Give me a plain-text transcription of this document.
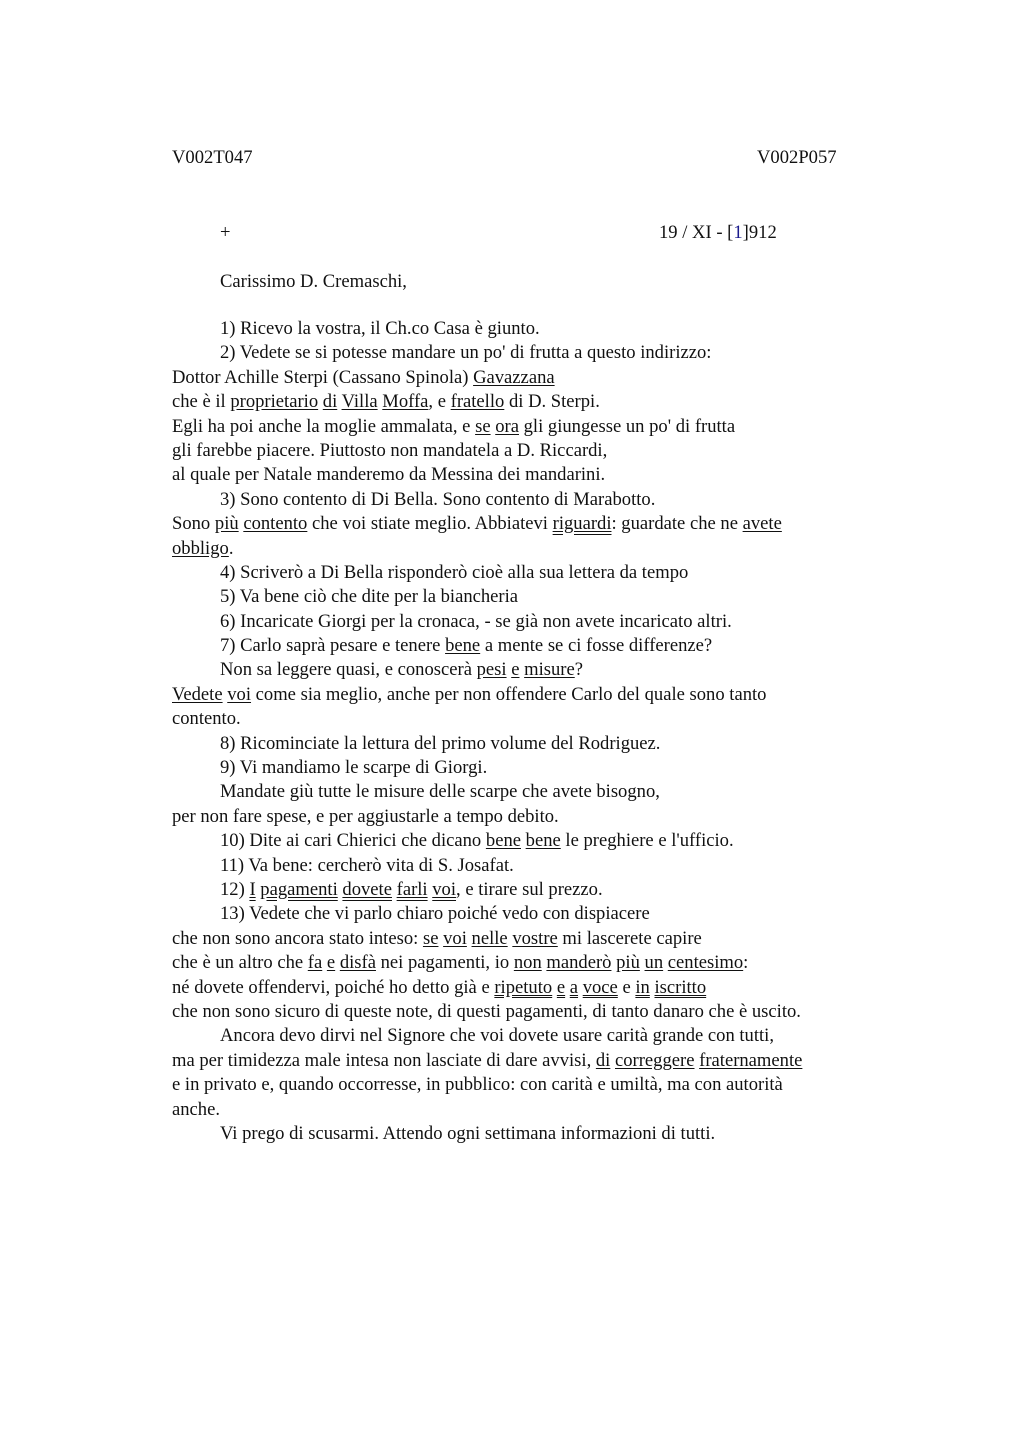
V002T047	V002P057
+	19 / XI - [1]912
Carissimo D. Cremaschi,
1) Ricevo la vostra, il Ch.co Casa è giunto.
2) Vedete se si potesse mandare un po' di frutta a questo indirizzo:
Dottor Achille Sterpi (Cassano Spinola) Gavazzana
che è il proprietario di Villa Moffa, e fratello di D. Sterpi.
Egli ha poi anche la moglie ammalata, e se ora gli giungesse un po' di frutta
gli farebbe piacere. Piuttosto non mandatela a D. Riccardi,
al quale per Natale manderemo da Messina dei mandarini.
3) Sono contento di Di Bella. Sono contento di Marabotto.
Sono più contento che voi stiate meglio. Abbiatevi riguardi: guardate che ne avete
obbligo.
4) Scriverò a Di Bella risponderò cioè alla sua lettera da tempo
5) Va bene ciò che dite per la biancheria
6) Incaricate Giorgi per la cronaca, - se già non avete incaricato altri.
7) Carlo saprà pesare e tenere bene a mente se ci fosse differenze?
Non sa leggere quasi, e conoscerà pesi e misure?
Vedete voi come sia meglio, anche per non offendere Carlo del quale sono tanto
contento.
8) Ricominciate la lettura del primo volume del Rodriguez.
9) Vi mandiamo le scarpe di Giorgi.
Mandate giù tutte le misure delle scarpe che avete bisogno,
per non fare spese, e per aggiustarle a tempo debito.
10) Dite ai cari Chierici che dicano bene bene le preghiere e l'ufficio.
11) Va bene: cercherò vita di S. Josafat.
12) I pagamenti dovete farli voi, e tirare sul prezzo.
13) Vedete che vi parlo chiaro poiché vedo con dispiacere
che non sono ancora stato inteso: se voi nelle vostre mi lascerete capire
che è un altro che fa e disfà nei pagamenti, io non manderò più un centesimo:
né dovete offendervi, poiché ho detto già e ripetuto e a voce e in iscritto
che non sono sicuro di queste note, di questi pagamenti, di tanto danaro che è uscito.
Ancora devo dirvi nel Signore che voi dovete usare carità grande con tutti,
ma per timidezza male intesa non lasciate di dare avvisi, di correggere fraternamente
e in privato e, quando occorresse, in pubblico: con carità e umiltà, ma con autorità
anche.
Vi prego di scusarmi. Attendo ogni settimana informazioni di tutti.
